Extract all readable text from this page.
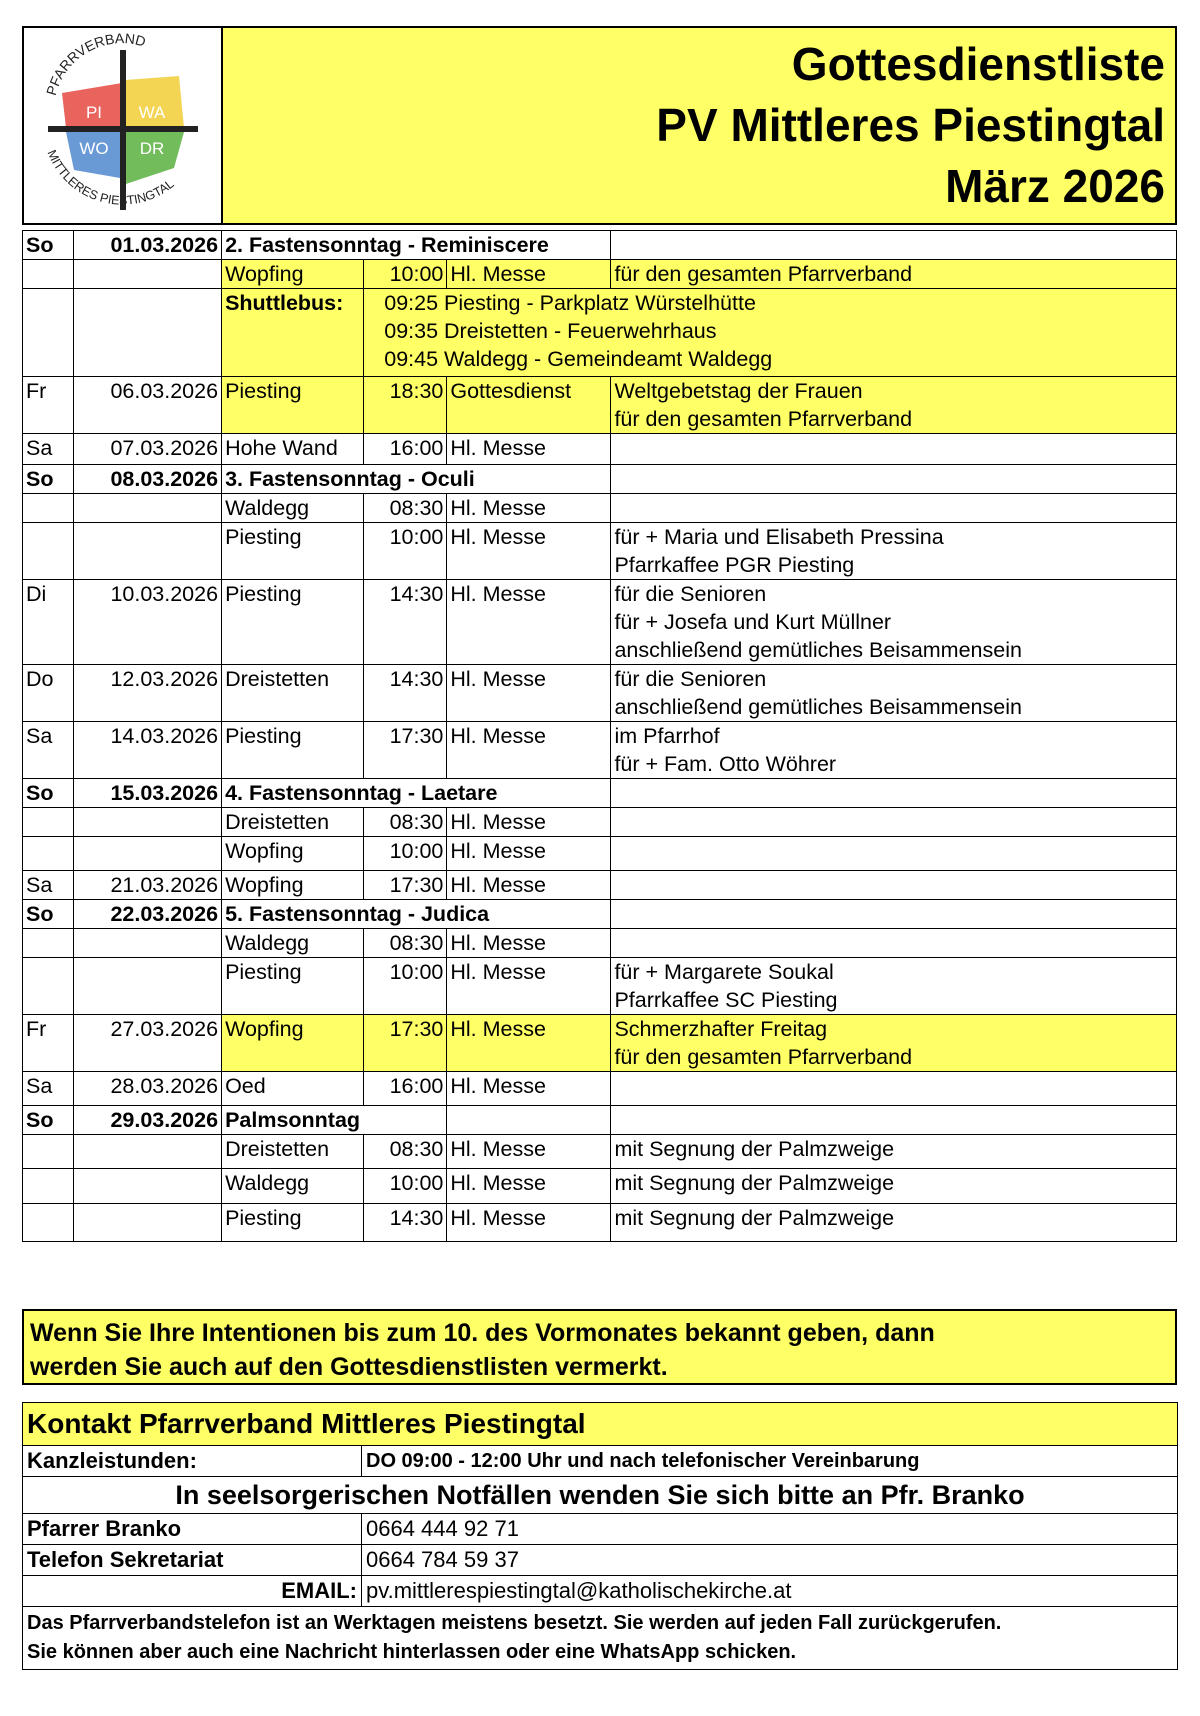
PI WA
WO DR
PFARRVERBAND
MITTLERES PIESTINGTAL
Gottesdienstliste
PV Mittleres Piestingtal
März 2026
So	01.03.2026	2. Fastensonntag - Reminiscere			
		Wopfing	10:00	Hl. Messe	für den gesamten Pfarrverband
		Shuttlebus:	09:25 Piesting - Parkplatz Würstelhütte
09:35 Dreistetten - Feuerwehrhaus
09:45 Waldegg - Gemeindeamt Waldegg		

Fr	06.03.2026	Piesting	18:30	Gottesdienst	Weltgebetstag der Frauen
für den gesamten Pfarrverband

Sa	07.03.2026	Hohe Wand	16:00	Hl. Messe	
So	08.03.2026	3. Fastensonntag - Oculi			
		Waldegg	08:30	Hl. Messe	
		Piesting	10:00	Hl. Messe	für + Maria und Elisabeth Pressina
Pfarrkaffee PGR Piesting

Di	10.03.2026	Piesting	14:30	Hl. Messe	für die Senioren
für + Josefa und Kurt Müllner
anschließend gemütliches Beisammensein

Do	12.03.2026	Dreistetten	14:30	Hl. Messe	für die Senioren
anschließend gemütliches Beisammensein

Sa	14.03.2026	Piesting	17:30	Hl. Messe	im Pfarrhof
für + Fam. Otto Wöhrer

So	15.03.2026	4. Fastensonntag - Laetare			
		Dreistetten	08:30	Hl. Messe	
		Wopfing	10:00	Hl. Messe	
Sa	21.03.2026	Wopfing	17:30	Hl. Messe	
So	22.03.2026	5. Fastensonntag - Judica			
		Waldegg	08:30	Hl. Messe	
		Piesting	10:00	Hl. Messe	für + Margarete Soukal
Pfarrkaffee SC Piesting

Fr	27.03.2026	Wopfing	17:30	Hl. Messe	Schmerzhafter Freitag
für den gesamten Pfarrverband

Sa	28.03.2026	Oed	16:00	Hl. Messe	
So	29.03.2026	Palmsonntag			
		Dreistetten	08:30	Hl. Messe	mit Segnung der Palmzweige
		Waldegg	10:00	Hl. Messe	mit Segnung der Palmzweige
		Piesting	14:30	Hl. Messe	mit Segnung der Palmzweige
Wenn Sie Ihre Intentionen bis zum 10. des Vormonates bekannt geben, dann
werden Sie auch auf den Gottesdienstlisten vermerkt.
Kontakt Pfarrverband Mittleres Piestingtal	
Kanzleistunden:	DO 09:00 - 12:00 Uhr und nach telefonischer Vereinbarung
In seelsorgerischen Notfällen wenden Sie sich bitte an Pfr. Branko	
Pfarrer Branko	0664 444 92 71
Telefon Sekretariat	0664 784 59 37
EMAIL:	pv.mittlerespiestingtal@katholischekirche.at

Das Pfarrverbandstelefon ist an Werktagen meistens besetzt. Sie werden auf jeden Fall zurückgerufen.
Sie können aber auch eine Nachricht hinterlassen oder eine WhatsApp schicken.	
